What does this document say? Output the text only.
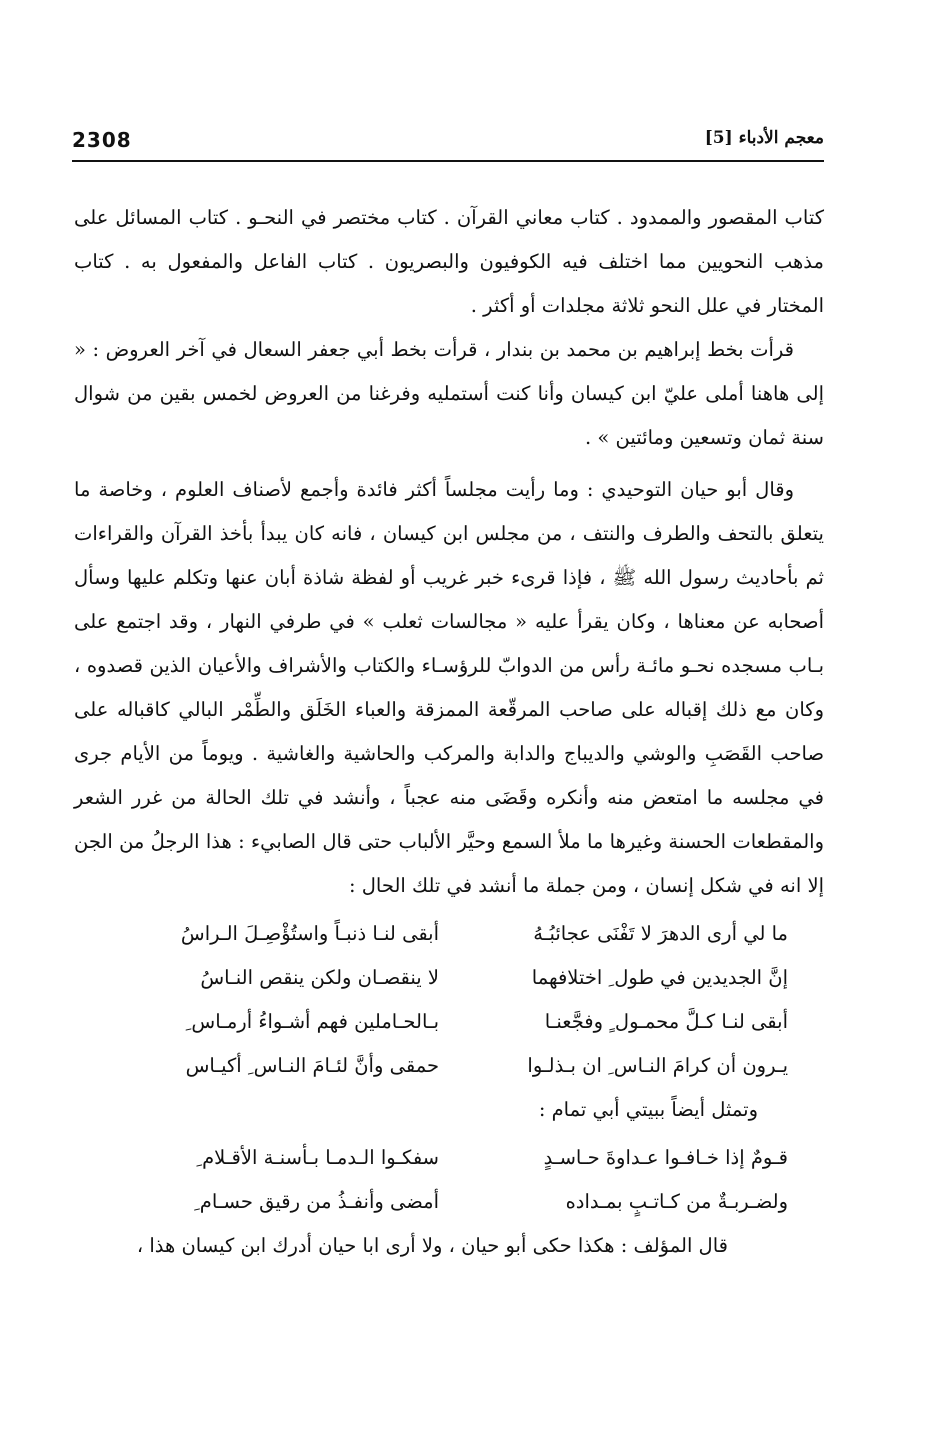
2308	معجم الأدباء [5]

كتاب المقصور والممدود . كتاب معاني القرآن . كتاب مختصر في النحـو . كتاب المسائل على مذهب النحويين مما اختلف فيه الكوفيون والبصريون . كتاب الفاعل والمفعول به . كتاب المختار في علل النحو ثلاثة مجلدات أو أكثر .

قرأت بخط إبراهيم بن محمد بن بندار ، قرأت بخط أبي جعفر السعال في آخر العروض : « إلى هاهنا أملى عليّ ابن كيسان وأنا كنت أستمليه وفرغنا من العروض لخمس بقين من شوال سنة ثمان وتسعين ومائتين » .

وقال أبو حيان التوحيدي : وما رأيت مجلساً أكثر فائدة وأجمع لأصناف العلوم ، وخاصة ما يتعلق بالتحف والطرف والنتف ، من مجلس ابن كيسان ، فانه كان يبدأ بأخذ القرآن والقراءات ثم بأحاديث رسول الله ﷺ ، فإذا قرىء خبر غريب أو لفظة شاذة أبان عنها وتكلم عليها وسأل أصحابه عن معناها ، وكان يقرأ عليه « مجالسات ثعلب » في طرفي النهار ، وقد اجتمع على بـاب مسجده نحـو مائـة رأس من الدوابّ للرؤسـاء والكتاب والأشراف والأعيان الذين قصدوه ، وكان مع ذلك إقباله على صاحب المرقّعة الممزقة والعباء الخَلَق والطِّمْر البالي كاقباله على صاحب القَصَبِ والوشي والديباج والدابة والمركب والحاشية والغاشية . ويوماً من الأيام جرى في مجلسه ما امتعض منه وأنكره وقَضَى منه عجباً ، وأنشد في تلك الحالة من غرر الشعر والمقطعات الحسنة وغيرها ما ملأ السمع وحيَّر الألباب حتى قال الصابيء : هذا الرجلُ من الجن إلا انه في شكل إنسان ، ومن جملة ما أنشد في تلك الحال :

ما لي أرى الدهرَ لا تَفْنَى عجائبُـهُ
أبقى لنـا ذنبـاً واستُؤْصِـلَ الـراسُ
إنَّ الجديدين في طول ِ اختلافهما
لا ينقصـان ولكن ينقص النـاسُ
أبقى لنـا كـلَّ محمـول ٍ وفجَّعنـا
بـالحـاملين فهم أشـواءُ أرمـاس ِ
يـرون أن كرامَ النـاس ِ ان بـذلـوا
حمقى وأنَّ لئـامَ النـاس ِ أكيـاس
وتمثل أيضاً ببيتي أبي تمام :
قـومٌ إذا خـافـوا عـداوةَ حـاسـدٍ
سفكـوا الـدمـا بـأسنـة الأقـلام ِ
ولضـربـةٌ من كـاتـبٍ بمـداده
أمضى وأنفـذُ من رقيق حسـام ِ

قال المؤلف : هكذا حكى أبو حيان ، ولا أرى ابا حيان أدرك ابن كيسان هذا ،
